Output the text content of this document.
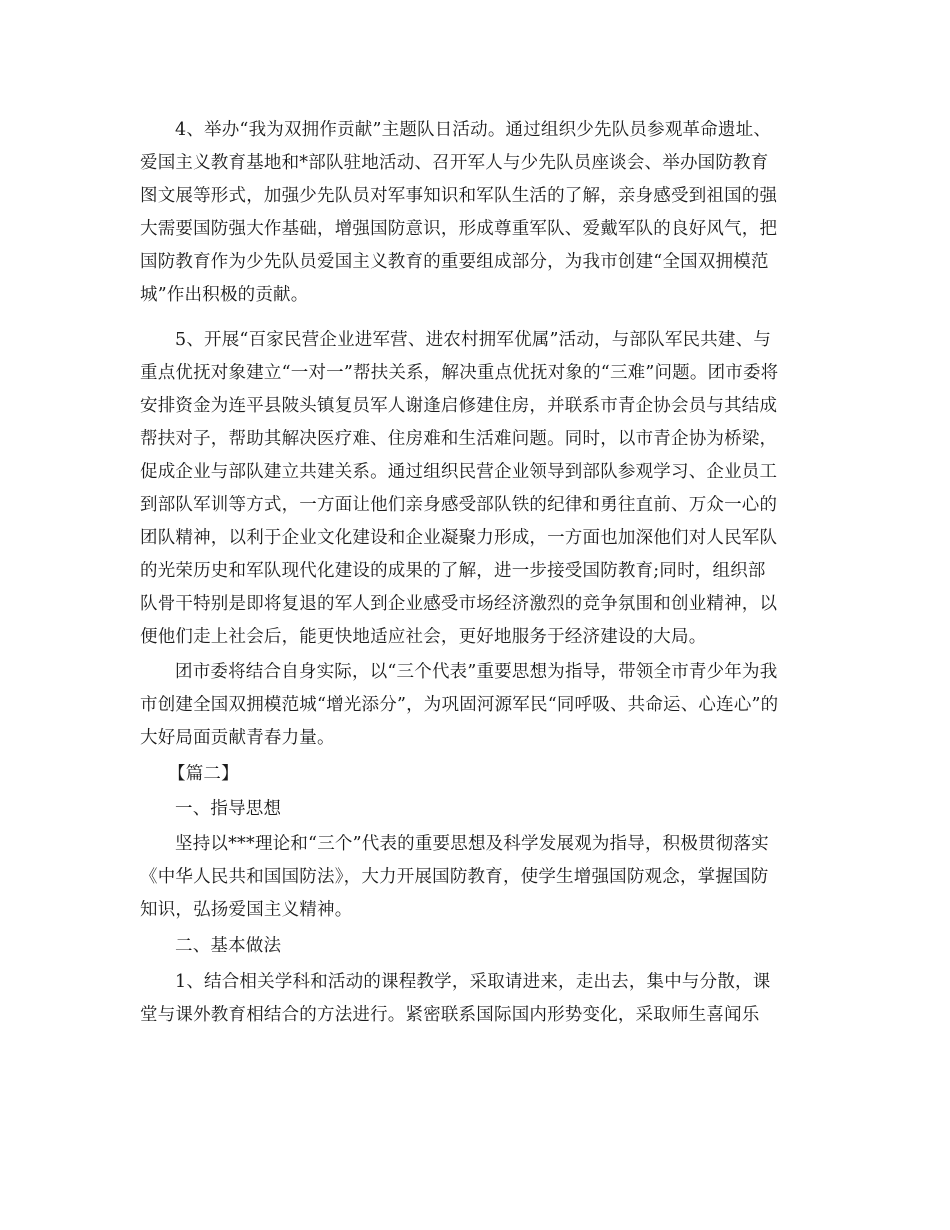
4、举办“我为双拥作贡献”主题队日活动。通过组织少先队员参观革命遗址、
爱国主义教育基地和*部队驻地活动、召开军人与少先队员座谈会、举办国防教育
图文展等形式，加强少先队员对军事知识和军队生活的了解，亲身感受到祖国的强
大需要国防强大作基础，增强国防意识，形成尊重军队、爱戴军队的良好风气，把
国防教育作为少先队员爱国主义教育的重要组成部分，为我市创建“全国双拥模范
城”作出积极的贡献。
5、开展“百家民营企业进军营、进农村拥军优属”活动，与部队军民共建、与
重点优抚对象建立“一对一”帮扶关系，解决重点优抚对象的“三难”问题。团市委将
安排资金为连平县陂头镇复员军人谢逢启修建住房，并联系市青企协会员与其结成
帮扶对子，帮助其解决医疗难、住房难和生活难问题。同时，以市青企协为桥梁，
促成企业与部队建立共建关系。通过组织民营企业领导到部队参观学习、企业员工
到部队军训等方式，一方面让他们亲身感受部队铁的纪律和勇往直前、万众一心的
团队精神，以利于企业文化建设和企业凝聚力形成，一方面也加深他们对人民军队
的光荣历史和军队现代化建设的成果的了解，进一步接受国防教育;同时，组织部
队骨干特别是即将复退的军人到企业感受市场经济激烈的竞争氛围和创业精神，以
便他们走上社会后，能更快地适应社会，更好地服务于经济建设的大局。
团市委将结合自身实际，以“三个代表”重要思想为指导，带领全市青少年为我
市创建全国双拥模范城“增光添分”，为巩固河源军民“同呼吸、共命运、心连心”的
大好局面贡献青春力量。
【篇二】
一、指导思想
坚持以***理论和“三个”代表的重要思想及科学发展观为指导，积极贯彻落实
《中华人民共和国国防法》，大力开展国防教育，使学生增强国防观念，掌握国防
知识，弘扬爱国主义精神。
二、基本做法
1、结合相关学科和活动的课程教学，采取请进来，走出去，集中与分散，课
堂与课外教育相结合的方法进行。紧密联系国际国内形势变化，采取师生喜闻乐
